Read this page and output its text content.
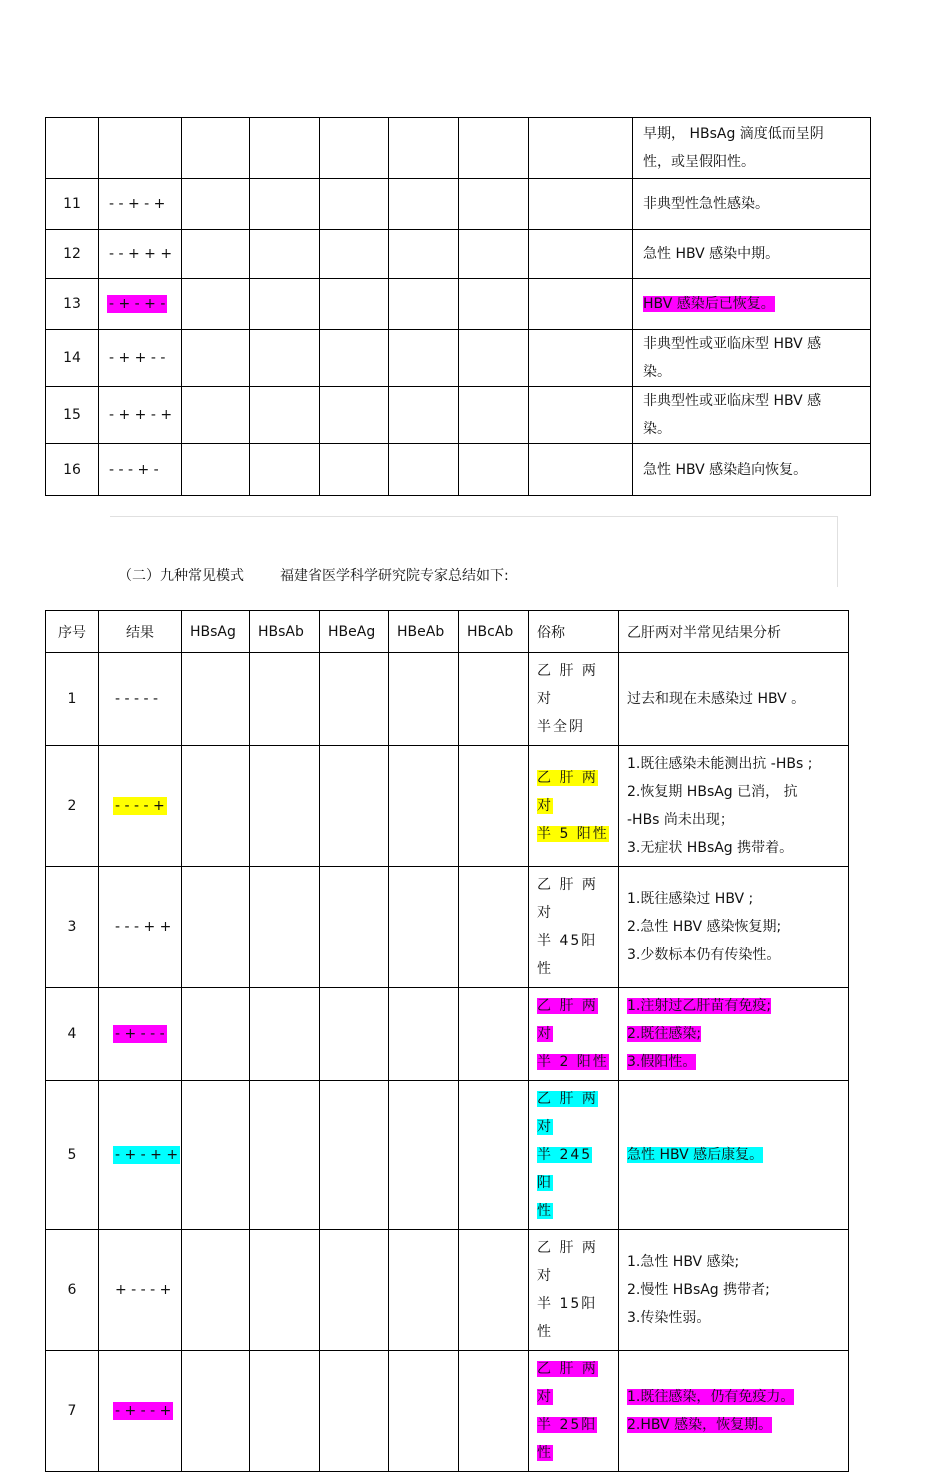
								早期， HBsAg 滴度低而呈阴
性，或呈假阳性。
11	- - + - +							非典型性急性感染。
12	- - + + +							急性 HBV 感染中期。
13	- + - + -							HBV 感染后已恢复。
14	- + + - -							非典型性或亚临床型 HBV 感
染。
15	- + + - +							非典型性或亚临床型 HBV 感
染。
16	- - - + -							急性 HBV 感染趋向恢复。
（二）九种常见模式	福建省医学科学研究院专家总结如下:
序号	结果	HBsAg	HBsAb	HBeAg	HBeAb	HBcAb	俗称	乙肝两对半常见结果分析
1	- - - - -						乙 肝 两 对
半全阴	过去和现在未感染过 HBV 。
2	- - - - +						乙 肝 两 对
半 5 阳性	1.既往感染未能测出抗 -HBs ;
2.恢复期 HBsAg 已消， 抗
-HBs 尚未出现；
3.无症状 HBsAg 携带着。
3	- - - + +						乙 肝 两 对
半 45阳性	1.既往感染过 HBV ;
2.急性 HBV 感染恢复期;
3.少数标本仍有传染性。
4	- + - - -						乙 肝 两 对
半 2 阳性	1.注射过乙肝苗有免疫;
2.既往感染;
3.假阳性。
5	- + - + +						乙 肝 两 对
半 245 阳
性	急性 HBV 感后康复。
6	+ - - - +						乙 肝 两 对
半 15阳性	1.急性 HBV 感染;
2.慢性 HBsAg 携带者;
3.传染性弱。
7	- + - - +						乙 肝 两 对
半 25阳性	1.既往感染，仍有免疫力。
2.HBV 感染，恢复期。
